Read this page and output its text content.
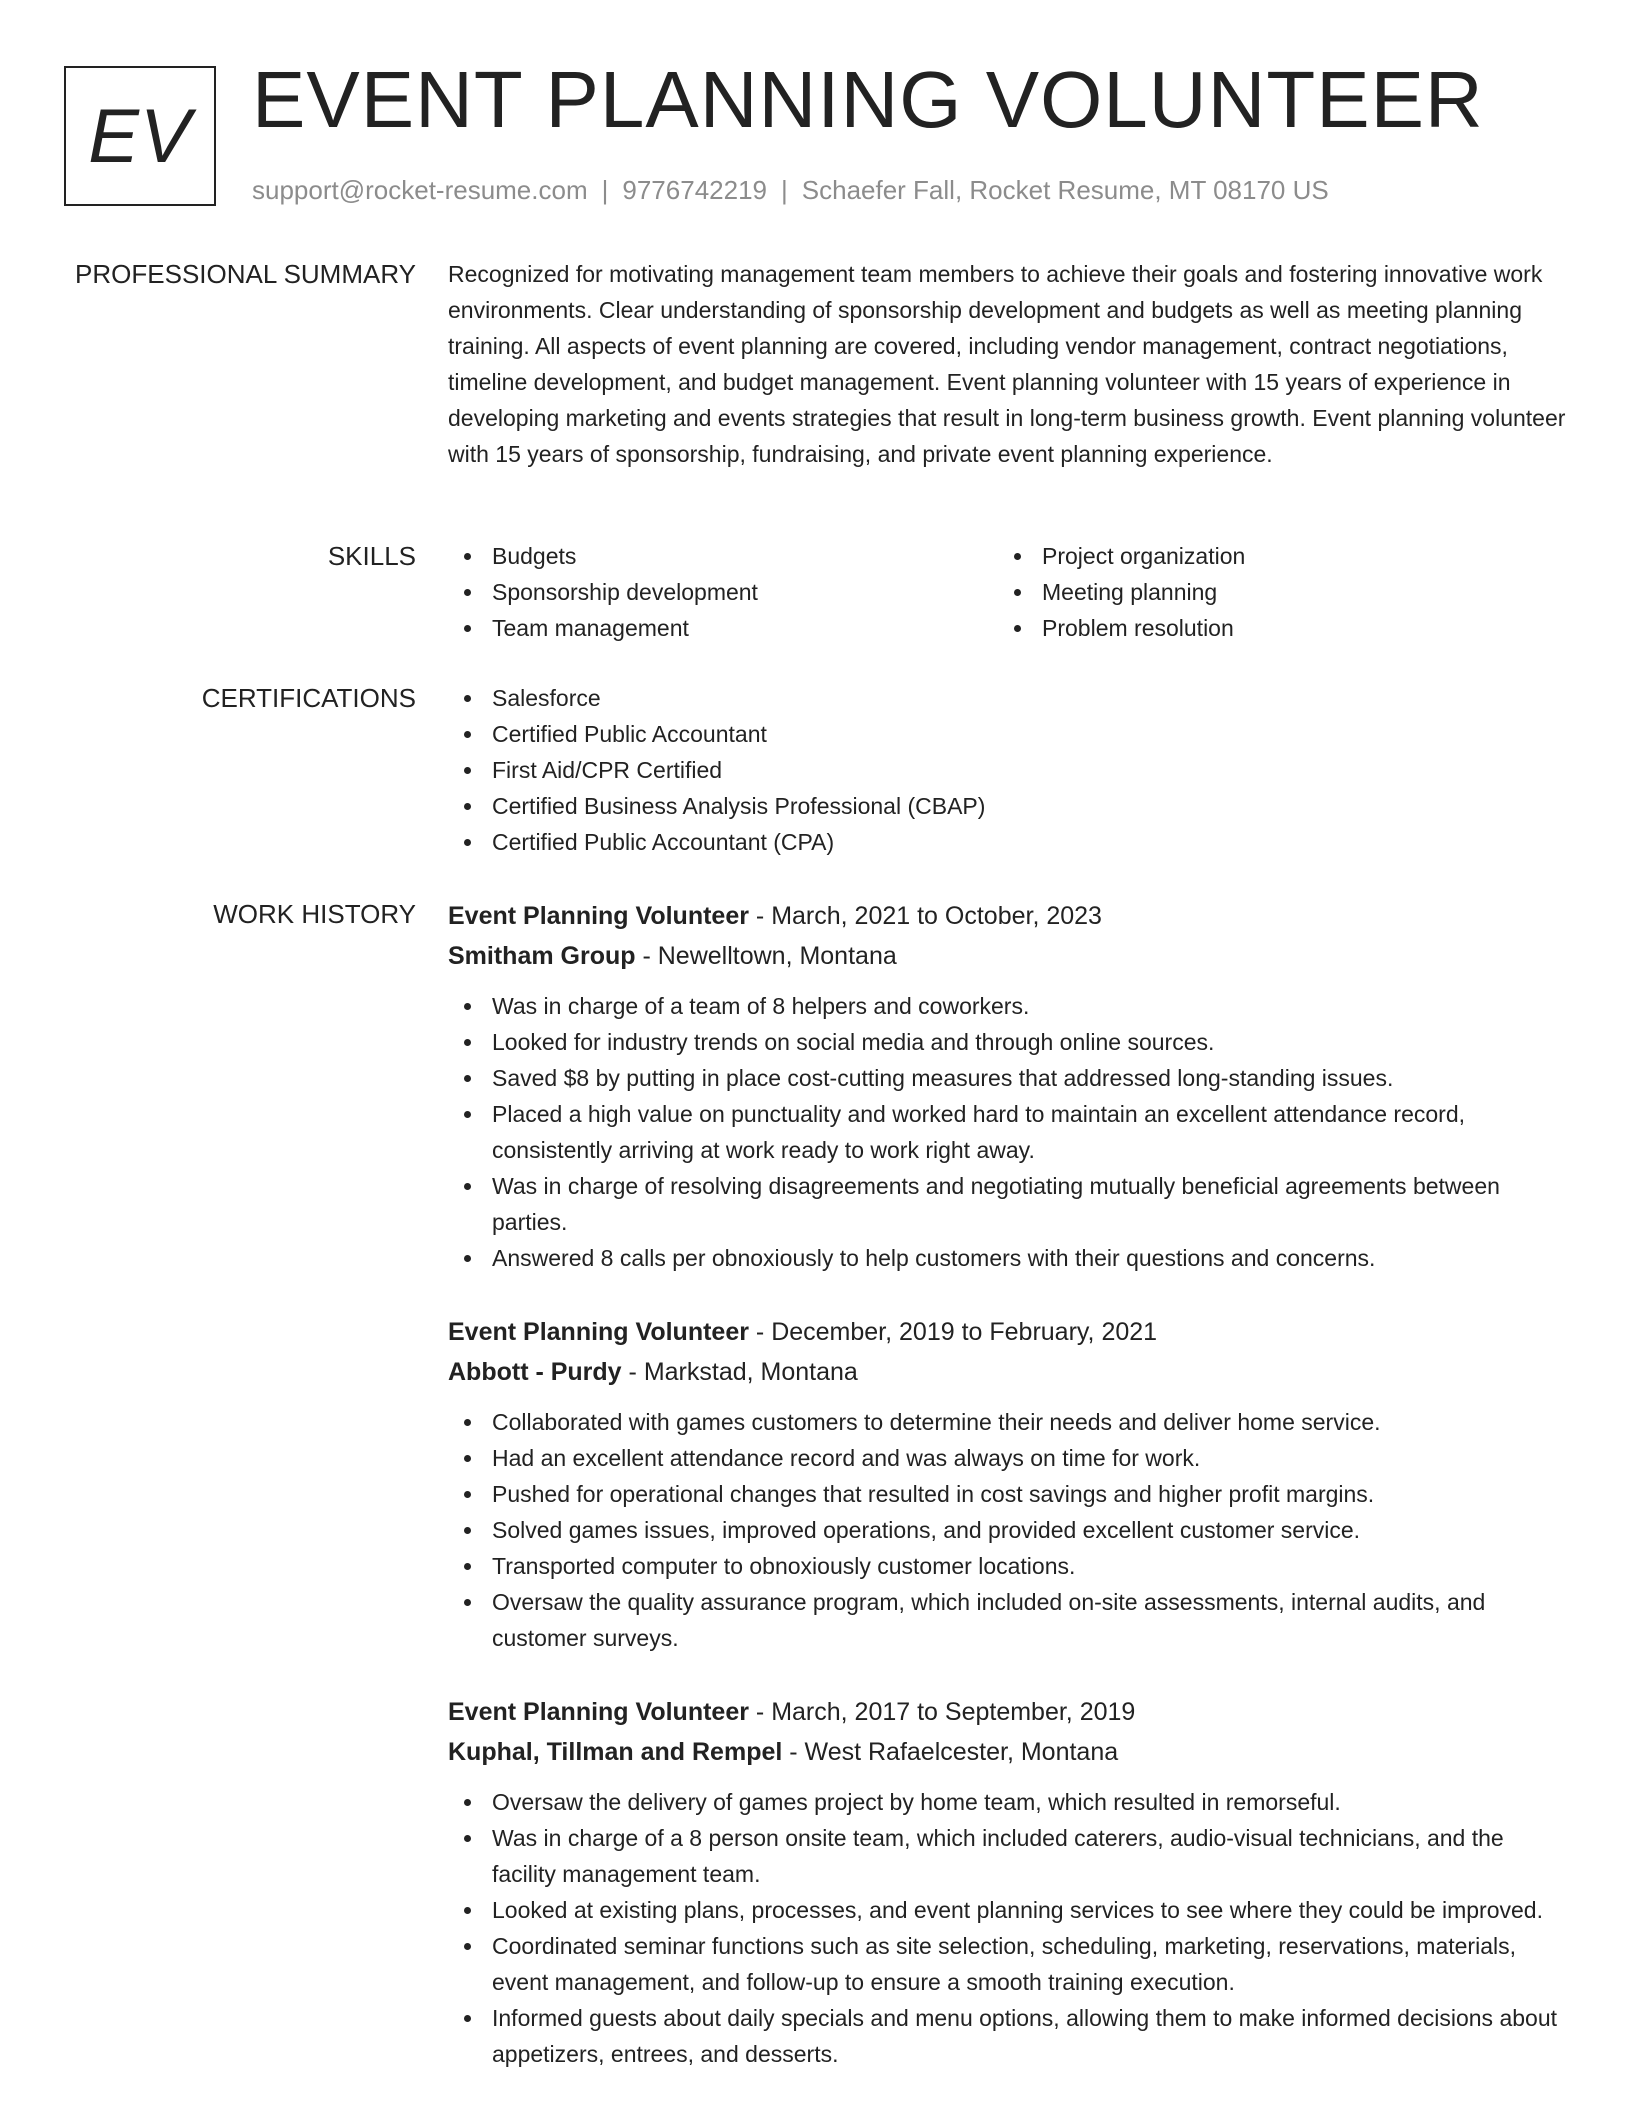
EV EVENT PLANNING VOLUNTEER
support@rocket-resume.com | 9776742219 | Schaefer Fall, Rocket Resume, MT 08170 US
PROFESSIONAL SUMMARY Recognized for motivating management team members to achieve their goals and fostering innovative work environments. Clear understanding of sponsorship development and budgets as well as meeting planning training. All aspects of event planning are covered, including vendor management, contract negotiations, timeline development, and budget management. Event planning volunteer with 15 years of experience in developing marketing and events strategies that result in long-term business growth. Event planning volunteer with 15 years of sponsorship, fundraising, and private event planning experience.

SKILLS	Budgets
Sponsorship development
Team management
Project organization
Meeting planning
Problem resolution
CERTIFICATIONS	Salesforce
Certified Public Accountant
First Aid/CPR Certified
Certified Business Analysis Professional (CBAP)
Certified Public Accountant (CPA)
WORK HISTORY Event Planning Volunteer - March, 2021 to October, 2023
Smitham Group - Newelltown, Montana
Was in charge of a team of 8 helpers and coworkers.
Looked for industry trends on social media and through online sources.
Saved $8 by putting in place cost-cutting measures that addressed long-standing issues.
Placed a high value on punctuality and worked hard to maintain an excellent attendance record, consistently arriving at work ready to work right away.
Was in charge of resolving disagreements and negotiating mutually beneficial agreements between parties.
Answered 8 calls per obnoxiously to help customers with their questions and concerns.
Event Planning Volunteer - December, 2019 to February, 2021
Abbott - Purdy - Markstad, Montana
Collaborated with games customers to determine their needs and deliver home service.
Had an excellent attendance record and was always on time for work.
Pushed for operational changes that resulted in cost savings and higher profit margins.
Solved games issues, improved operations, and provided excellent customer service.
Transported computer to obnoxiously customer locations.
Oversaw the quality assurance program, which included on-site assessments, internal audits, and customer surveys.
Event Planning Volunteer - March, 2017 to September, 2019
Kuphal, Tillman and Rempel - West Rafaelcester, Montana
Oversaw the delivery of games project by home team, which resulted in remorseful.
Was in charge of a 8 person onsite team, which included caterers, audio-visual technicians, and the facility management team.
Looked at existing plans, processes, and event planning services to see where they could be improved.
Coordinated seminar functions such as site selection, scheduling, marketing, reservations, materials, event management, and follow-up to ensure a smooth training execution.
Informed guests about daily specials and menu options, allowing them to make informed decisions about appetizers, entrees, and desserts.
